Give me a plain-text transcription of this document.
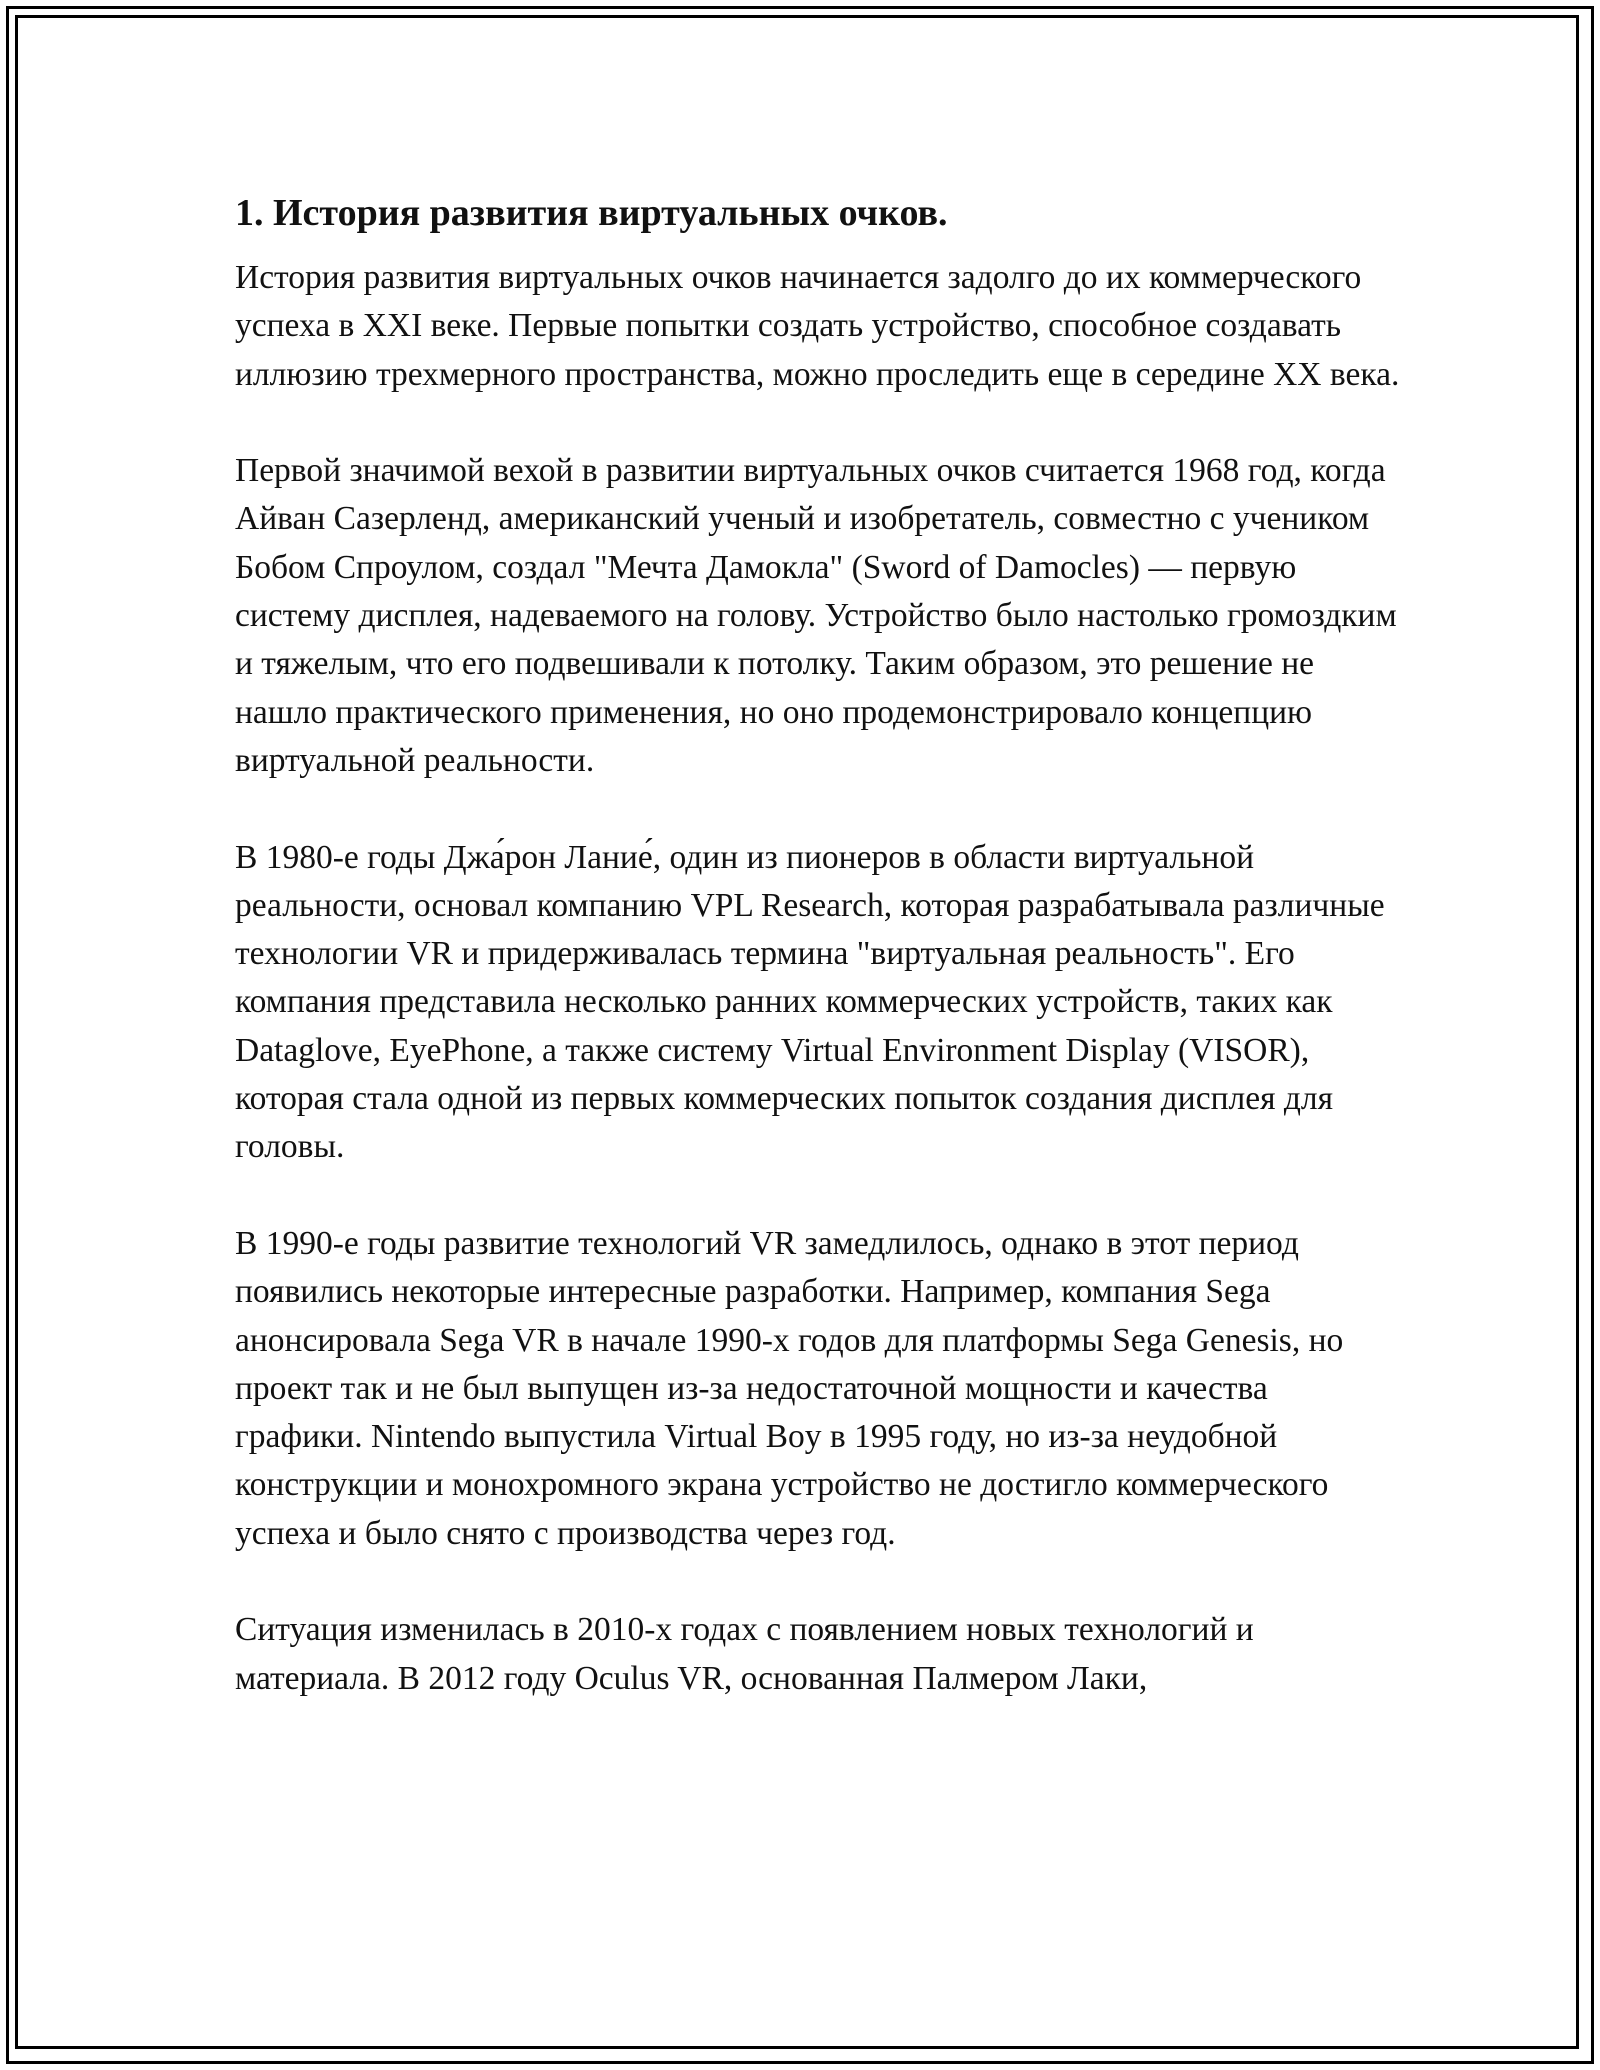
1. История развития виртуальных очков.
История развития виртуальных очков начинается задолго до их коммерческого успеха в XXI веке. Первые попытки создать устройство, способное создавать иллюзию трехмерного пространства, можно проследить еще в середине XX века.
Первой значимой вехой в развитии виртуальных очков считается 1968 год, когда Айван Сазерленд, американский ученый и изобретатель, совместно с учеником Бобом Спроулом, создал "Мечта Дамокла" (Sword of Damocles) — первую систему дисплея, надеваемого на голову. Устройство было настолько громоздким и тяжелым, что его подвешивали к потолку. Таким образом, это решение не нашло практического применения, но оно продемонстрировало концепцию виртуальной реальности.
В 1980-е годы Джа́рон Лание́, один из пионеров в области виртуальной реальности, основал компанию VPL Research, которая разрабатывала различные технологии VR и придерживалась термина "виртуальная реальность". Его компания представила несколько ранних коммерческих устройств, таких как Dataglove, EyePhone, а также систему Virtual Environment Display (VISOR), которая стала одной из первых коммерческих попыток создания дисплея для головы.
В 1990-е годы развитие технологий VR замедлилось, однако в этот период появились некоторые интересные разработки. Например, компания Sega анонсировала Sega VR в начале 1990-х годов для платформы Sega Genesis, но проект так и не был выпущен из-за недостаточной мощности и качества графики. Nintendo выпустила Virtual Boy в 1995 году, но из-за неудобной конструкции и монохромного экрана устройство не достигло коммерческого успеха и было снято с производства через год.
Ситуация изменилась в 2010-х годах с появлением новых технологий и материала. В 2012 году Oculus VR, основанная Палмером Лаки,
